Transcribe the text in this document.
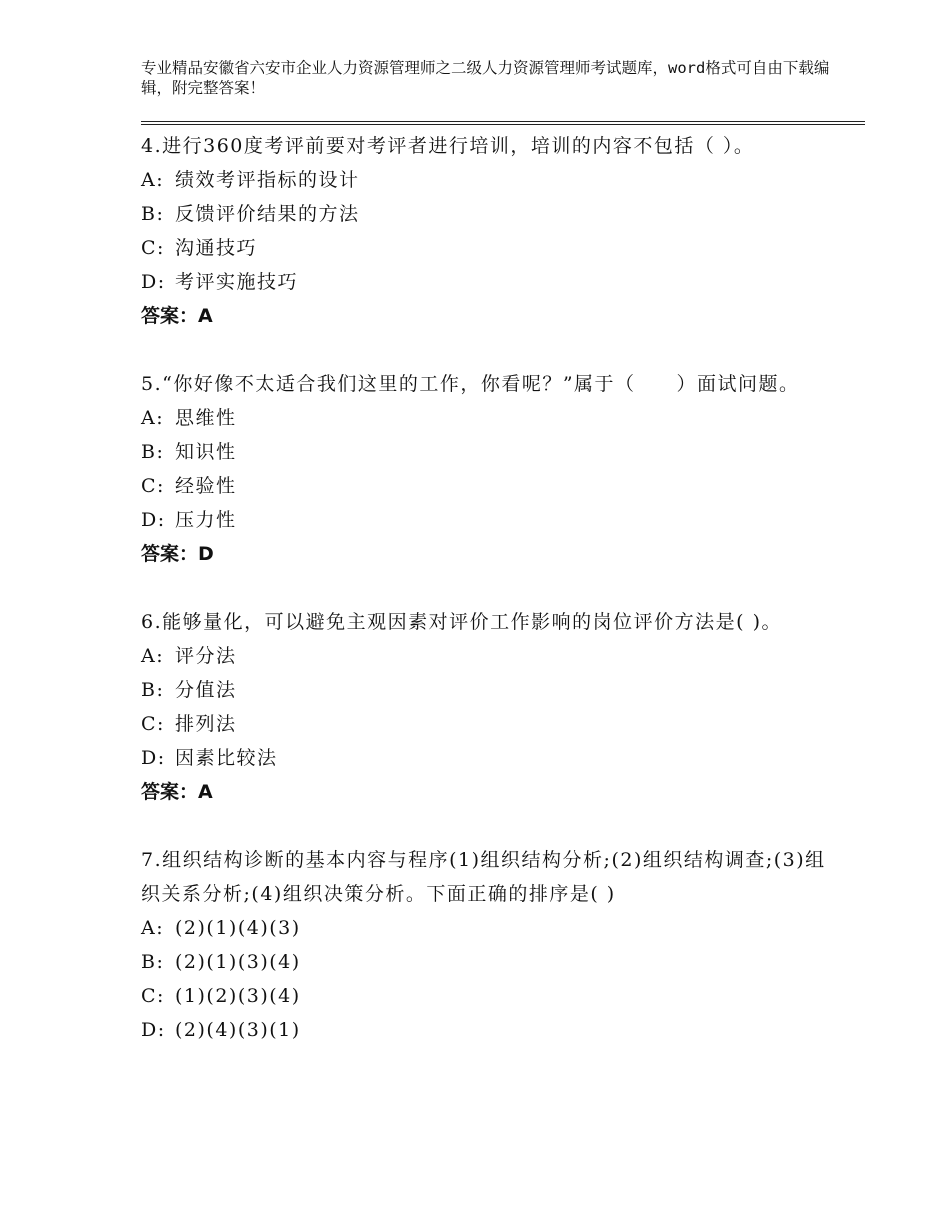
专业精品安徽省六安市企业人力资源管理师之二级人力资源管理师考试题库，word格式可自由下载编辑，附完整答案！
4.进行360度考评前要对考评者进行培训，培训的内容不包括（ ）。
A: 绩效考评指标的设计
B: 反馈评价结果的方法
C: 沟通技巧
D: 考评实施技巧
答案：A
5.“你好像不太适合我们这里的工作，你看呢？”属于（　　）面试问题。
A: 思维性
B: 知识性
C: 经验性
D: 压力性
答案：D
6.能够量化，可以避免主观因素对评价工作影响的岗位评价方法是( )。
A: 评分法
B: 分值法
C: 排列法
D: 因素比较法
答案：A
7.组织结构诊断的基本内容与程序(1)组织结构分析;(2)组织结构调查;(3)组织关系分析;(4)组织决策分析。下面正确的排序是( )
A: (2)(1)(4)(3)
B: (2)(1)(3)(4)
C: (1)(2)(3)(4)
D: (2)(4)(3)(1)
